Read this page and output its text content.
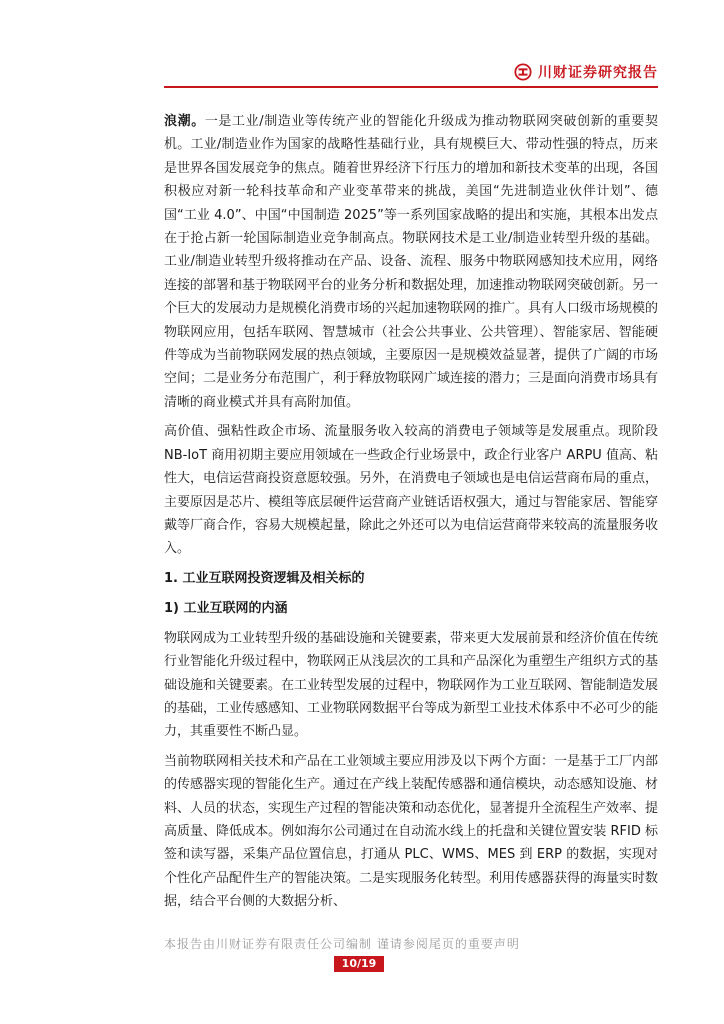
川财证券研究报告

浪潮。一是工业/制造业等传统产业的智能化升级成为推动物联网突破创新的重要契机。工业/制造业作为国家的战略性基础行业，具有规模巨大、带动性强的特点，历来是世界各国发展竞争的焦点。随着世界经济下行压力的增加和新技术变革的出现，各国积极应对新一轮科技革命和产业变革带来的挑战，美国“先进制造业伙伴计划”、德国“工业 4.0”、中国“中国制造 2025”等一系列国家战略的提出和实施，其根本出发点在于抢占新一轮国际制造业竞争制高点。物联网技术是工业/制造业转型升级的基础。工业/制造业转型升级将推动在产品、设备、流程、服务中物联网感知技术应用，网络连接的部署和基于物联网平台的业务分析和数据处理，加速推动物联网突破创新。另一个巨大的发展动力是规模化消费市场的兴起加速物联网的推广。具有人口级市场规模的物联网应用，包括车联网、智慧城市（社会公共事业、公共管理）、智能家居、智能硬件等成为当前物联网发展的热点领域，主要原因一是规模效益显著，提供了广阔的市场空间；二是业务分布范围广，利于释放物联网广域连接的潜力；三是面向消费市场具有清晰的商业模式并具有高附加值。

高价值、强粘性政企市场、流量服务收入较高的消费电子领域等是发展重点。现阶段 NB-IoT 商用初期主要应用领域在一些政企行业场景中，政企行业客户 ARPU 值高、粘性大，电信运营商投资意愿较强。另外，在消费电子领域也是电信运营商布局的重点，主要原因是芯片、模组等底层硬件运营商产业链话语权强大，通过与智能家居、智能穿戴等厂商合作，容易大规模起量，除此之外还可以为电信运营商带来较高的流量服务收入。

1. 工业互联网投资逻辑及相关标的
1) 工业互联网的内涵

物联网成为工业转型升级的基础设施和关键要素，带来更大发展前景和经济价值在传统行业智能化升级过程中，物联网正从浅层次的工具和产品深化为重塑生产组织方式的基础设施和关键要素。在工业转型发展的过程中，物联网作为工业互联网、智能制造发展的基础，工业传感感知、工业物联网数据平台等成为新型工业技术体系中不必可少的能力，其重要性不断凸显。

当前物联网相关技术和产品在工业领域主要应用涉及以下两个方面：一是基于工厂内部的传感器实现的智能化生产。通过在产线上装配传感器和通信模块，动态感知设施、材料、人员的状态，实现生产过程的智能决策和动态优化，显著提升全流程生产效率、提高质量、降低成本。例如海尔公司通过在自动流水线上的托盘和关键位置安装 RFID 标签和读写器，采集产品位置信息，打通从 PLC、WMS、MES 到 ERP 的数据，实现对个性化产品配件生产的智能决策。二是实现服务化转型。利用传感器获得的海量实时数据，结合平台侧的大数据分析、

本报告由川财证券有限责任公司编制 谨请参阅尾页的重要声明
10/19
